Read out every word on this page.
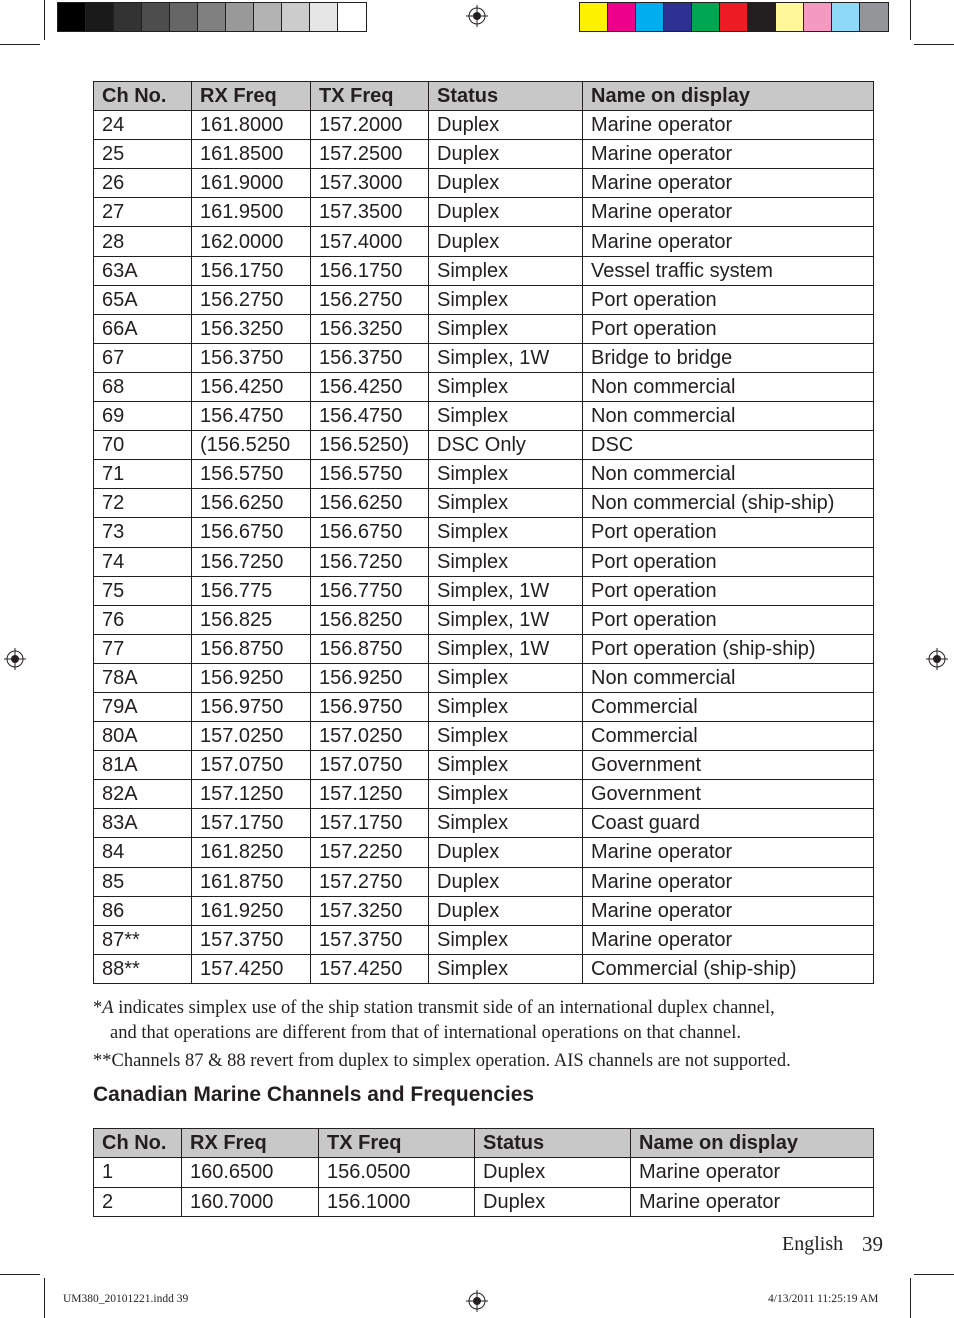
Ch No.	RX Freq	TX Freq	Status	Name on display
24	161.8000	157.2000	Duplex	Marine operator
25	161.8500	157.2500	Duplex	Marine operator
26	161.9000	157.3000	Duplex	Marine operator
27	161.9500	157.3500	Duplex	Marine operator
28	162.0000	157.4000	Duplex	Marine operator
63A	156.1750	156.1750	Simplex	Vessel traffic system
65A	156.2750	156.2750	Simplex	Port operation
66A	156.3250	156.3250	Simplex	Port operation
67	156.3750	156.3750	Simplex, 1W	Bridge to bridge
68	156.4250	156.4250	Simplex	Non commercial
69	156.4750	156.4750	Simplex	Non commercial
70	(156.5250	156.5250)	DSC Only	DSC
71	156.5750	156.5750	Simplex	Non commercial
72	156.6250	156.6250	Simplex	Non commercial (ship-ship)
73	156.6750	156.6750	Simplex	Port operation
74	156.7250	156.7250	Simplex	Port operation
75	156.775	156.7750	Simplex, 1W	Port operation
76	156.825	156.8250	Simplex, 1W	Port operation
77	156.8750	156.8750	Simplex, 1W	Port operation (ship-ship)
78A	156.9250	156.9250	Simplex	Non commercial
79A	156.9750	156.9750	Simplex	Commercial
80A	157.0250	157.0250	Simplex	Commercial
81A	157.0750	157.0750	Simplex	Government
82A	157.1250	157.1250	Simplex	Government
83A	157.1750	157.1750	Simplex	Coast guard
84	161.8250	157.2250	Duplex	Marine operator
85	161.8750	157.2750	Duplex	Marine operator
86	161.9250	157.3250	Duplex	Marine operator
87**	157.3750	157.3750	Simplex	Marine operator
88**	157.4250	157.4250	Simplex	Commercial (ship-ship)
*A indicates simplex use of the ship station transmit side of an international duplex channel,
and that operations are different from that of international operations on that channel.
**Channels 87 & 88 revert from duplex to simplex operation. AIS channels are not supported.
Canadian Marine Channels and Frequencies
Ch No.	RX Freq	TX Freq	Status	Name on display
1	160.6500	156.0500	Duplex	Marine operator
2	160.7000	156.1000	Duplex	Marine operator
English 39
UM380_20101221.indd 39	4/13/2011 11:25:19 AM
